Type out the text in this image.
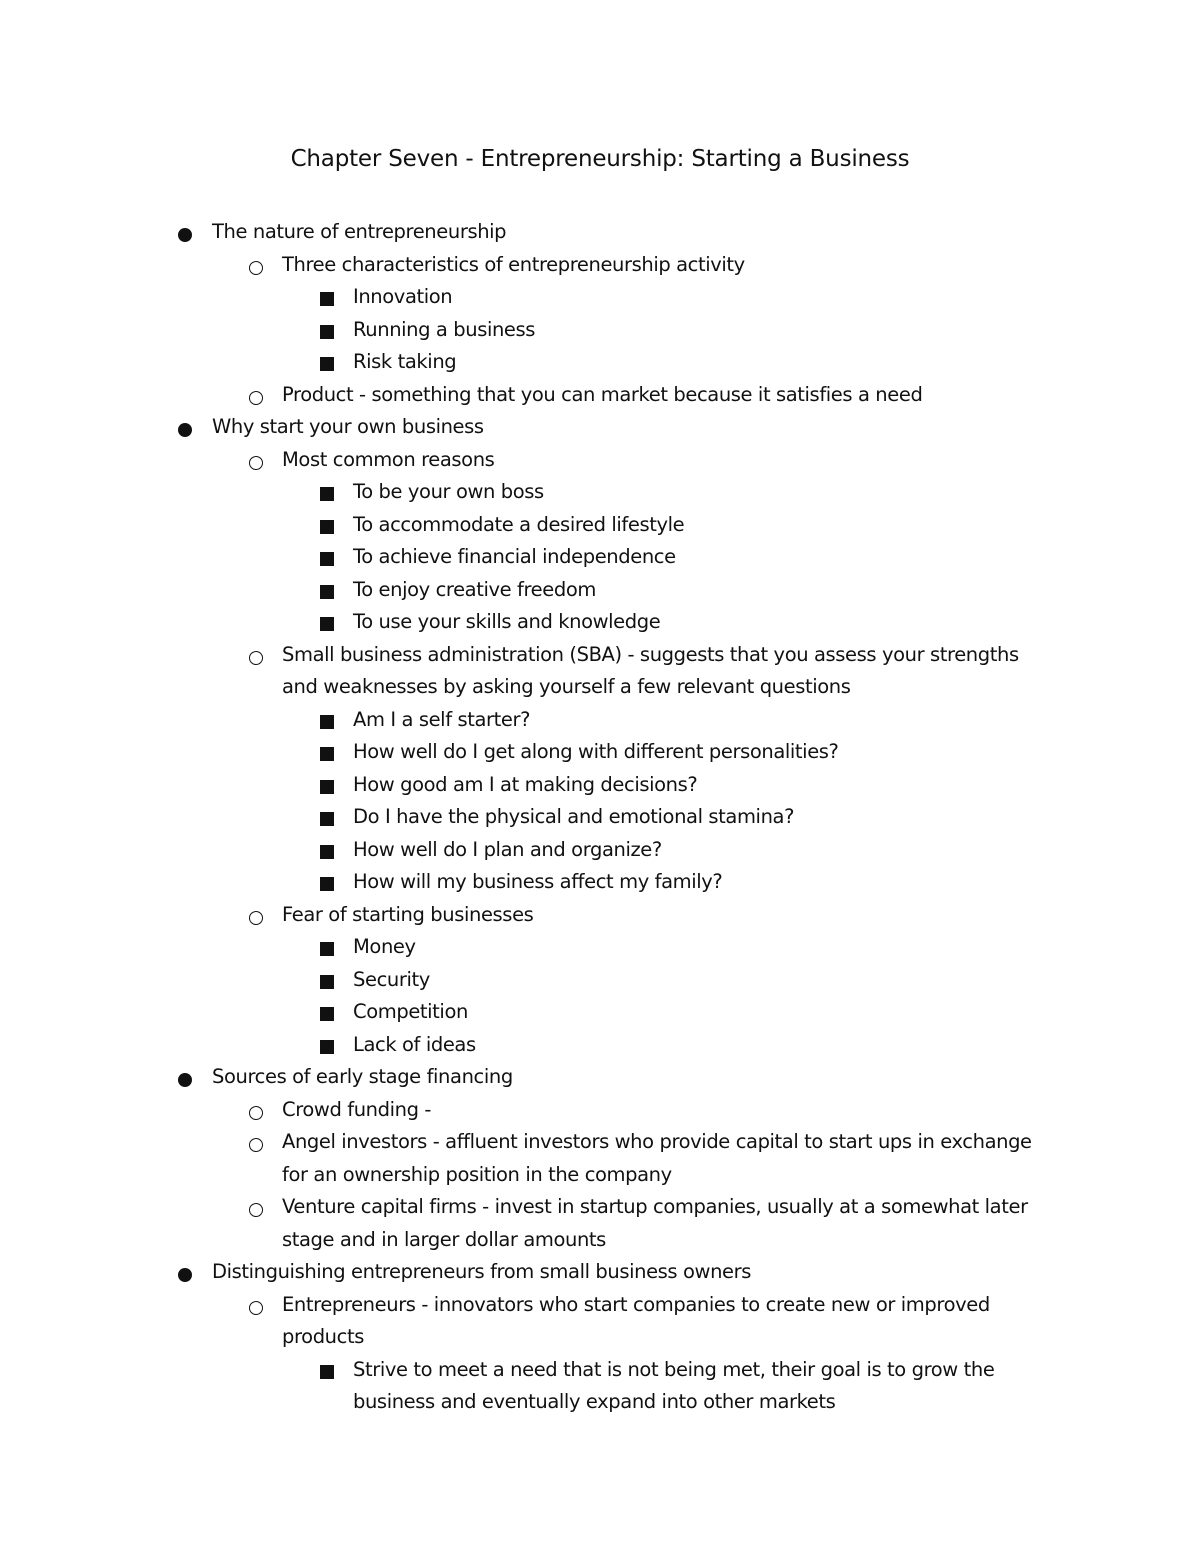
Chapter Seven - Entrepreneurship: Starting a Business
The nature of entrepreneurship
Three characteristics of entrepreneurship activity
Innovation
Running a business
Risk taking
Product - something that you can market because it satisfies a need
Why start your own business
Most common reasons
To be your own boss
To accommodate a desired lifestyle
To achieve financial independence
To enjoy creative freedom
To use your skills and knowledge
Small business administration (SBA) - suggests that you assess your strengths and weaknesses by asking yourself a few relevant questions
Am I a self starter?
How well do I get along with different personalities?
How good am I at making decisions?
Do I have the physical and emotional stamina?
How well do I plan and organize?
How will my business affect my family?
Fear of starting businesses
Money
Security
Competition
Lack of ideas
Sources of early stage financing
Crowd funding -
Angel investors - affluent investors who provide capital to start ups in exchange for an ownership position in the company
Venture capital firms - invest in startup companies, usually at a somewhat later stage and in larger dollar amounts
Distinguishing entrepreneurs from small business owners
Entrepreneurs - innovators who start companies to create new or improved products
Strive to meet a need that is not being met, their goal is to grow the business and eventually expand into other markets
